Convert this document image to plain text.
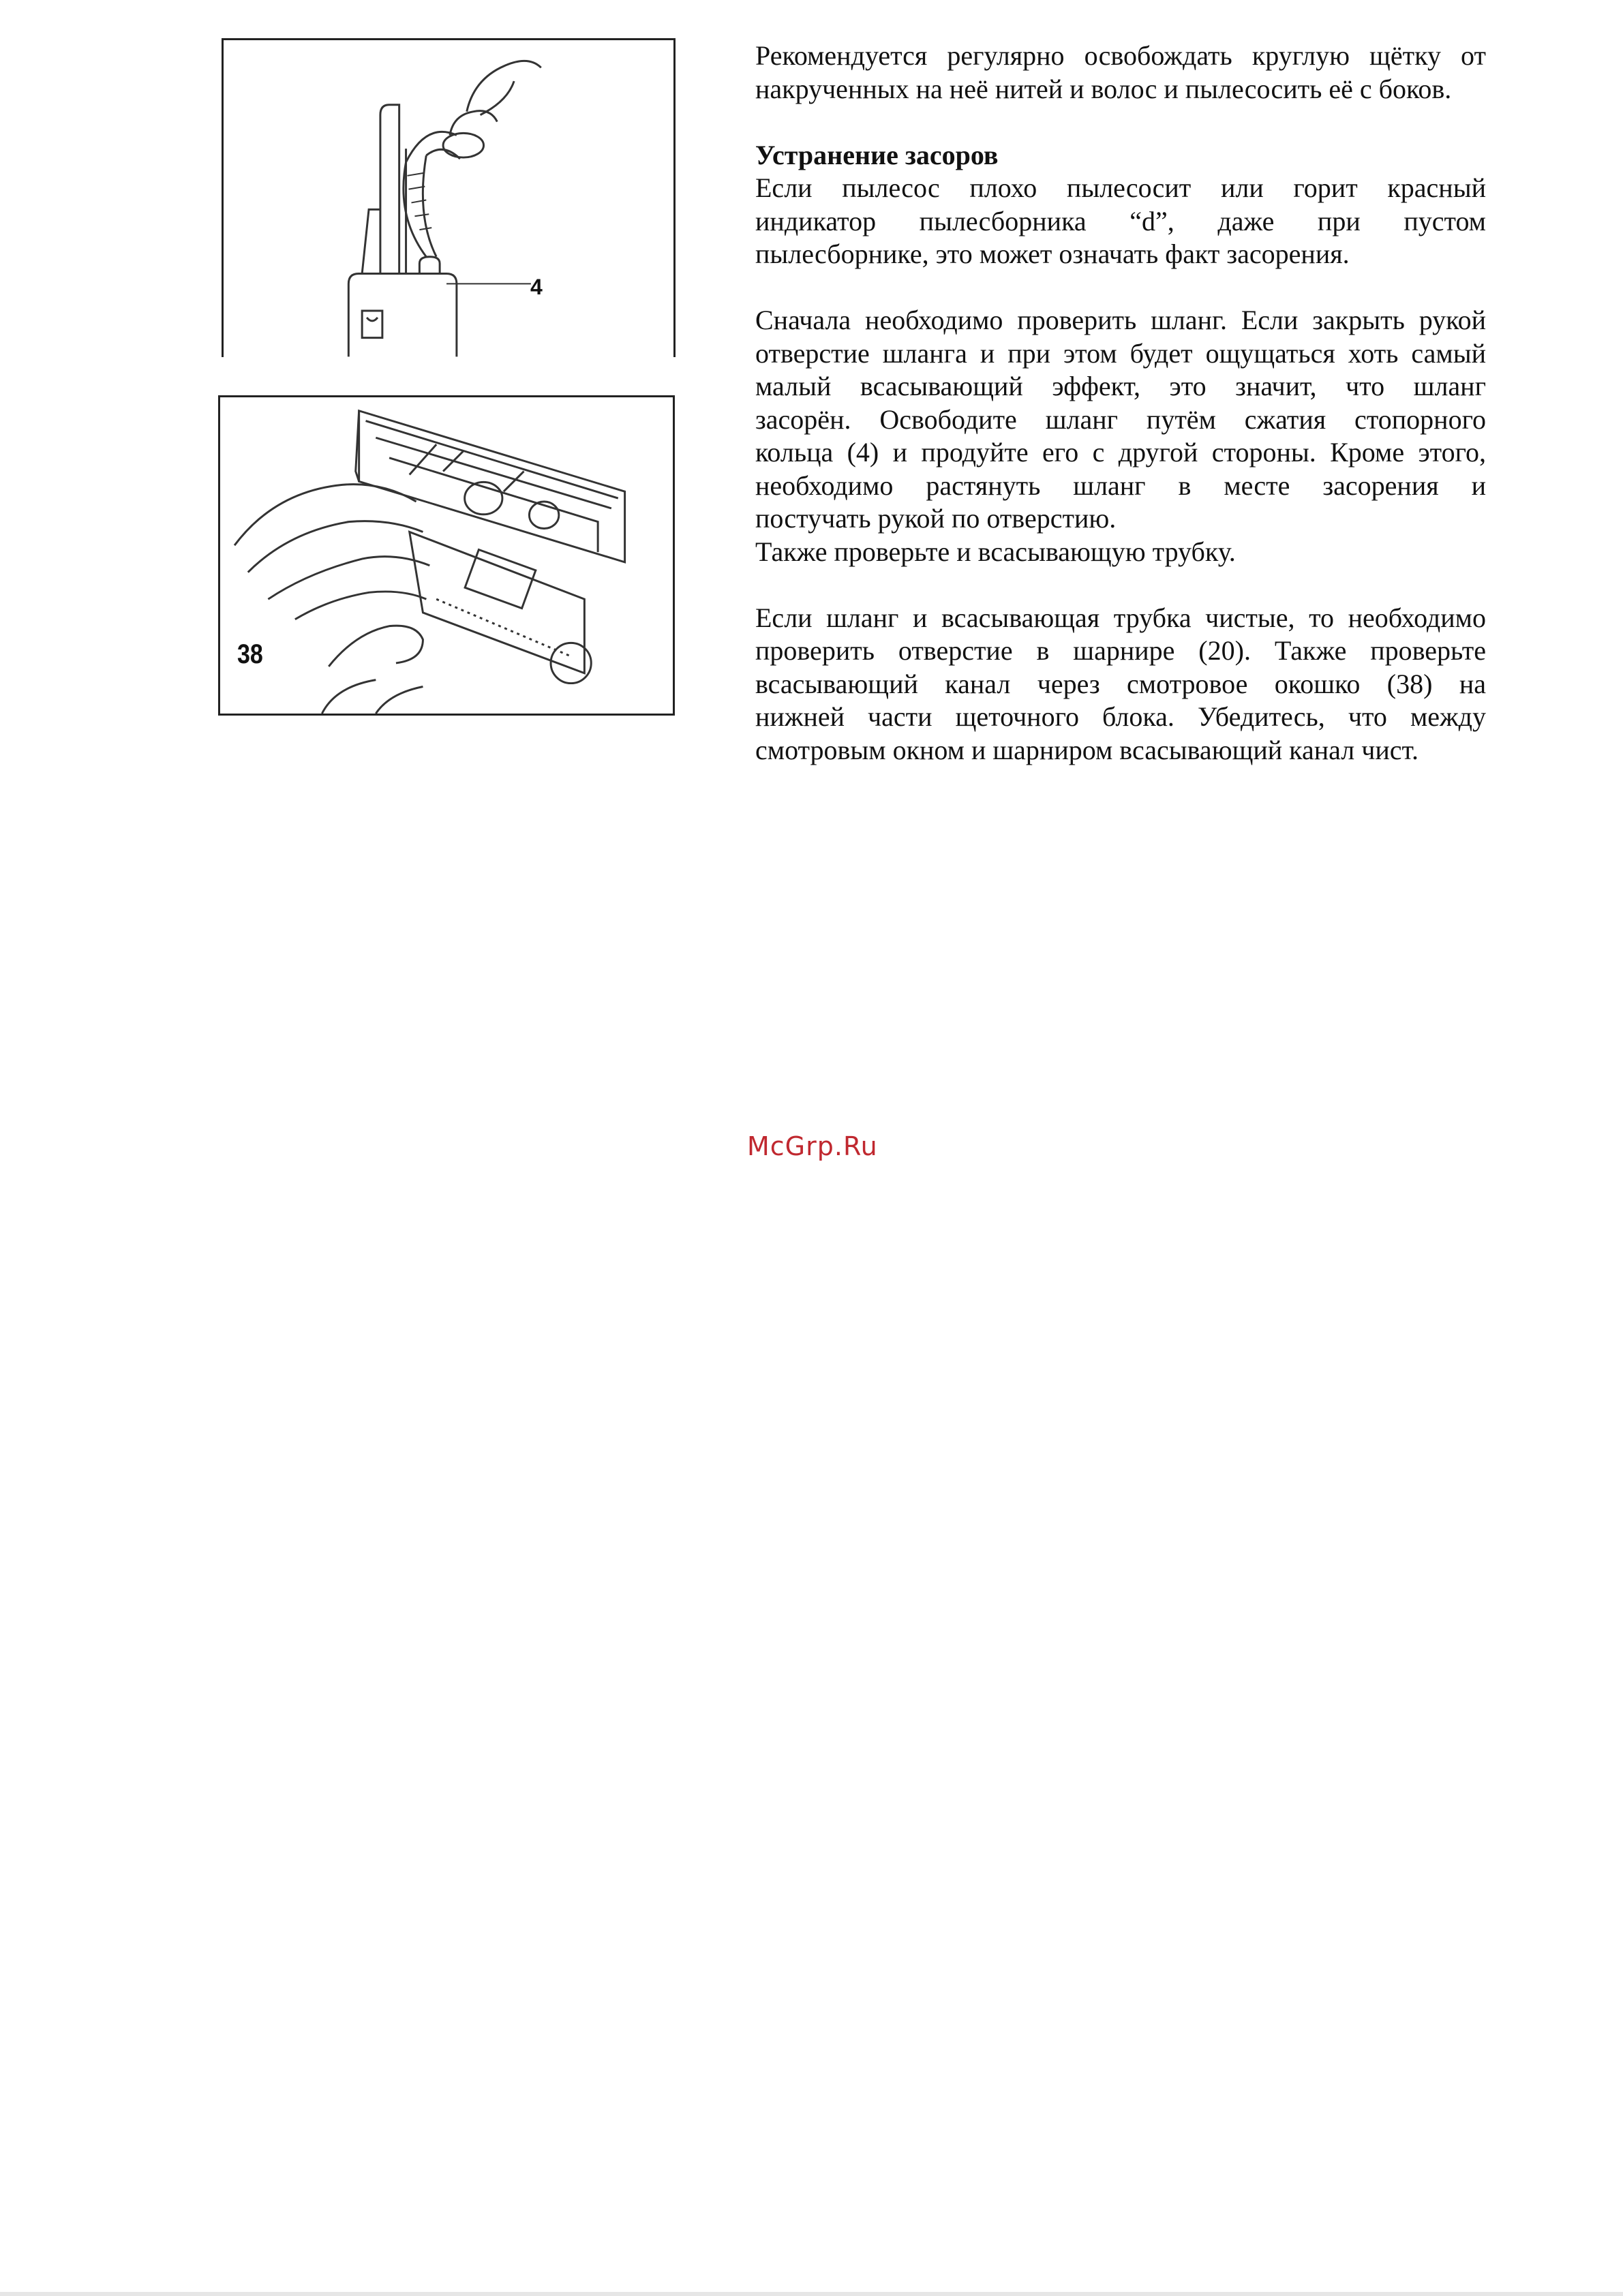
4
38

Рекомендуется регулярно освобождать круглую щётку от
накрученных на неё нитей и волос и пылесосить её с боков.

Устранение засоров

Если пылесос плохо пылесосит или горит красный
индикатор пылесборника “d”, даже при пустом
пылесборнике, это может означать факт засорения.

Сначала необходимо проверить шланг. Если закрыть рукой
отверстие шланга и при этом будет ощущаться хоть самый
малый всасывающий эффект, это значит, что шланг
засорён. Освободите шланг путём сжатия стопорного
кольца (4) и продуйте его с другой стороны. Кроме этого,
необходимо растянуть шланг в месте засорения и
постучать рукой по отверстию.

Также проверьте и всасывающую трубку.

Если шланг и всасывающая трубка чистые, то необходимо
проверить отверстие в шарнире (20). Также проверьте
всасывающий канал через смотровое окошко (38) на
нижней части щеточного блока. Убедитесь, что между
смотровым окном и шарниром всасывающий канал чист.

McGrp.Ru
